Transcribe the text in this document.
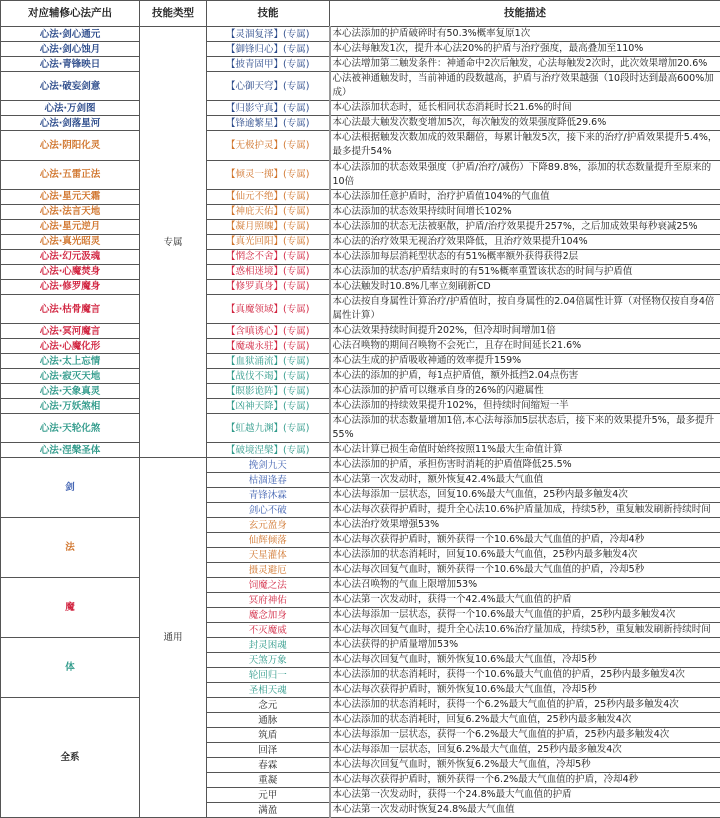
对应辅修心法产出	技能类型	技能	技能描述
心法·剑心通元	专属	【灵涸复泽】(专属)	本心法添加的护盾破碎时有50.3%概率复原1次
心法·剑心蚀月		【御锋归心】(专属)	本心法每触发1次，提升本心法20%的护盾与治疗强度，最高叠加至110%
心法·青锋映日		【披青固甲】(专属)	本心法增加第二触发条件：神通命中2次后触发，心法每触发2次时，此次效果增加20.6%
心法·破妄剑意		【心御天穹】(专属)	心法被神通触发时，当前神通的段数越高，护盾与治疗效果越强（10段时达到最高600%加成）
心法·万剑图		【归影守真】(专属)	本心法添加状态时，延长相同状态消耗时长21.6%的时间
心法·剑落星河		【锋逾繁星】(专属)	本心法最大触发次数变增加5次，每次触发的效果强度降低29.6%
心法·阴阳化灵		【无极护灵】(专属)	本心法根据触发次数加成的效果翻倍，每累计触发5次，接下来的治疗/护盾效果提升5.4%，最多提升54%
心法·五雷正法		【倾灵一掷】(专属)	本心法添加的状态效果强度（护盾/治疗/减伤）下降89.8%，添加的状态数量提升至原来的10倍
心法·星元天霜		【仙元不绝】(专属)	本心法添加任意护盾时，治疗护盾值104%的气血值
心法·法言天地		【神庇天佑】(专属)	本心法添加的状态效果持续时间增长102%
心法·星元逆月		【凝月照魄】(专属)	本心法添加的状态无法被驱散，护盾/治疗效果提升257%，之后加成效果每秒衰减25%
心法·真光昭灵		【真光回阳】(专属)	本心法的治疗效果无视治疗效果降低，且治疗效果提升104%
心法·幻元汲魂		【惘念不舍】(专属)	本心法添加每层消耗型状态的有51%概率额外获得获得2层
心法·心魔焚身		【惑相迷境】(专属)	本心法添加的状态/护盾结束时的有51%概率重置该状态的时间与护盾值
心法·修罗魔身		【修罗真身】(专属)	本心法触发时10.8%几率立刻刷新CD
心法·枯骨魔言		【真魔领域】(专属)	本心法按自身属性计算治疗/护盾值时，按自身属性的2.04倍属性计算（对怪物仅按自身4倍属性计算）
心法·冥河魔言		【含嗔诱心】(专属)	本心法效果持续时间提升202%，但冷却时间增加1倍
心法·心魔化形		【魔魂永驻】(专属)	心法召唤物的期间召唤物不会死亡，且存在时间延长21.6%
心法·太上忘情		【血狱涌流】(专属)	本心法生成的护盾吸收神通的效率提升159%
心法·寂灭天地		【战伐不竭】(专属)	本心法的添加的护盾，每1点护盾值，额外抵挡2.04点伤害
心法·天象真灵		【瞑影诡阵】(专属)	本心法添加的护盾可以继承自身的26%的闪避属性
心法·万妖煞相		【凶神天降】(专属)	本心法添加的持续效果提升102%，但持续时间缩短一半
心法·天轮化煞		【虹越九渊】(专属)	本心法添加的状态数量增加1倍,本心法每添加5层状态后，接下来的效果提升5%，最多提升55%
心法·涅槃圣体		【破境涅槃】(专属)	本心法计算已损生命值时始终按照11%最大生命值计算
剑	通用	挽剑九天	本心法添加的护盾，承担伤害时消耗的护盾值降低25.5%
		枯涸逢春	本心法第一次发动时，额外恢复42.4%最大气血值
		青锋沐霖	本心法每添加一层状态，回复10.6%最大气血值，25秒内最多触发4次
		剑心不破	本心法每次获得护盾时，提升全心法10.6%护盾量加成，持续5秒，重复触发刷新持续时间
法		玄元盈身	本心法治疗效果增强53%
		仙辉倾落	本心法每次获得护盾时，额外获得一个10.6%最大气血值的护盾，冷却4秒
		天星灌体	本心法添加的状态消耗时，回复10.6%最大气血值，25秒内最多触发4次
		摄灵避厄	本心法每次回复气血时，额外获得一个10.6%最大气血值的护盾，冷却5秒
魔		饲魔之法	本心法召唤物的气血上限增加53%
		冥府神佑	本心法第一次发动时，获得一个42.4%最大气血值的护盾
		魔念加身	本心法每添加一层状态，获得一个10.6%最大气血值的护盾，25秒内最多触发4次
		不灭魔威	本心法每次回复气血时，提升全心法10.6%治疗量加成，持续5秒，重复触发刷新持续时间
体		封灵困魂	本心法获得的护盾量增加53%
		天煞万象	本心法每次回复气血时，额外恢复10.6%最大气血值，冷却5秒
		轮回归一	本心法添加的状态消耗时，获得一个10.6%最大气血值的护盾，25秒内最多触发4次
		圣相天魂	本心法每次获得护盾时，额外恢复10.6%最大气血值，冷却5秒
全系		念元	本心法添加的状态消耗时，获得一个6.2%最大气血值的护盾，25秒内最多触发4次
		通脉	本心法添加的状态消耗时，回复6.2%最大气血值，25秒内最多触发4次
		筑盾	本心法每添加一层状态，获得一个6.2%最大气血值的护盾，25秒内最多触发4次
		回泽	本心法每添加一层状态，回复6.2%最大气血值，25秒内最多触发4次
		春霖	本心法每次回复气血时，额外恢复6.2%最大气血值，冷却5秒
		重凝	本心法每次获得护盾时，额外获得一个6.2%最大气血值的护盾，冷却4秒
		元甲	本心法第一次发动时，获得一个24.8%最大气血值的护盾
		满盈	本心法第一次发动时恢复24.8%最大气血值
